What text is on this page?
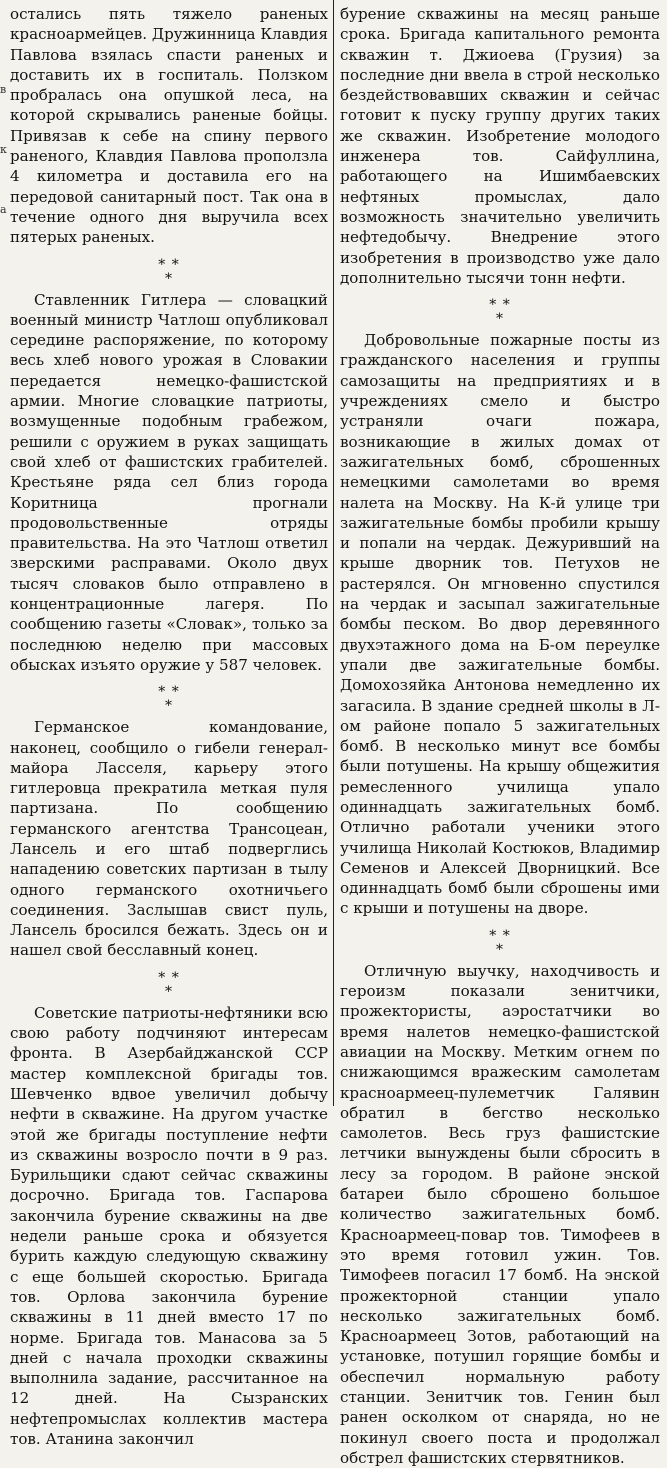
в
к
а

остались пять тяжело раненых красноармейцев. Дружинница Клавдия Павлова взялась спасти раненых и доставить их в госпиталь. Ползком пробралась она опушкой леса, на которой скрывались раненые бойцы. Привязав к себе на спину первого раненого, Клавдия Павлова проползла 4 километра и доставила его на передовой санитарный пост. Так она в течение одного дня выручила всех пятерых раненых.

* *
*

Ставленник Гитлера — словацкий военный министр Чатлош опубликовал середине распоряжение, по которому весь хлеб нового урожая в Словакии передается немецко-фашистской армии. Многие словацкие патриоты, возмущенные подобным грабежом, решили с оружием в руках защищать свой хлеб от фашистских грабителей. Крестьяне ряда сел близ города Коритница прогнали продовольственные отряды правительства. На это Чатлош ответил зверскими расправами. Около двух тысяч словаков было отправлено в концентрационные лагеря. По сообщению газеты «Словак», только за последнюю неделю при массовых обысках изъято оружие у 587 человек.

* *
*

Германское командование, наконец, сообщило о гибели генерал-майора Ласселя, карьеру этого гитлеровца прекратила меткая пуля партизана. По сообщению германского агентства Трансоцеан, Лансель и его штаб подверглись нападению советских партизан в тылу одного германского охотничьего соединения. Заслышав свист пуль, Лансель бросился бежать. Здесь он и нашел свой бесславный конец.

* *
*

Советские патриоты-нефтяники всю свою работу подчиняют интересам фронта. В Азербайджанской ССР мастер комплексной бригады тов. Шевченко вдвое увеличил добычу нефти в скважине. На другом участке этой же бригады поступление нефти из скважины возросло почти в 9 раз. Бурильщики сдают сейчас скважины досрочно. Бригада тов. Гаспарова закончила бурение скважины на две недели раньше срока и обязуется бурить каждую следующую скважину с еще большей скоростью. Бригада тов. Орлова закончила бурение скважины в 11 дней вместо 17 по норме. Бригада тов. Манасова за 5 дней с начала проходки скважины выполнила задание, рассчитанное на 12 дней. На Сызранских нефтепромыслах коллектив мастера тов. Атанина закончил

бурение скважины на месяц раньше срока. Бригада капитального ремонта скважин т. Джиоева (Грузия) за последние дни ввела в строй несколько бездействовавших скважин и сейчас готовит к пуску группу других таких же скважин. Изобретение молодого инженера тов. Сайфуллина, работающего на Ишимбаевских нефтяных промыслах, дало возможность значительно увеличить нефтедобычу. Внедрение этого изобретения в производство уже дало дополнительно тысячи тонн нефти.

* *
*

Добровольные пожарные посты из гражданского населения и группы самозащиты на предприятиях и в учреждениях смело и быстро устраняли очаги пожара, возникающие в жилых домах от зажигательных бомб, сброшенных немецкими самолетами во время налета на Москву. На К-й улице три зажигательные бомбы пробили крышу и попали на чердак. Дежуривший на крыше дворник тов. Петухов не растерялся. Он мгновенно спустился на чердак и засыпал зажигательные бомбы песком. Во двор деревянного двухэтажного дома на Б-ом переулке упали две зажигательные бомбы. Домохозяйка Антонова немедленно их загасила. В здание средней школы в Л-ом районе попало 5 зажигательных бомб. В несколько минут все бомбы были потушены. На крышу общежития ремесленного училища упало одиннадцать зажигательных бомб. Отлично работали ученики этого училища Николай Костюков, Владимир Семенов и Алексей Дворницкий. Все одиннадцать бомб были сброшены ими с крыши и потушены на дворе.

* *
*

Отличную выучку, находчивость и героизм показали зенитчики, прожектористы, аэростатчики во время налетов немецко-фашистской авиации на Москву. Метким огнем по снижающимся вражеским самолетам красноармеец-пулеметчик Галявин обратил в бегство несколько самолетов. Весь груз фашистские летчики вынуждены были сбросить в лесу за городом. В районе энской батареи было сброшено большое количество зажигательных бомб. Красноармеец-повар тов. Тимофеев в это время готовил ужин. Тов. Тимофеев погасил 17 бомб. На энской прожекторной станции упало несколько зажигательных бомб. Красноармеец Зотов, работающий на установке, потушил горящие бомбы и обеспечил нормальную работу станции. Зенитчик тов. Генин был ранен осколком от снаряда, но не покинул своего поста и продолжал обстрел фашистских стервятников.
